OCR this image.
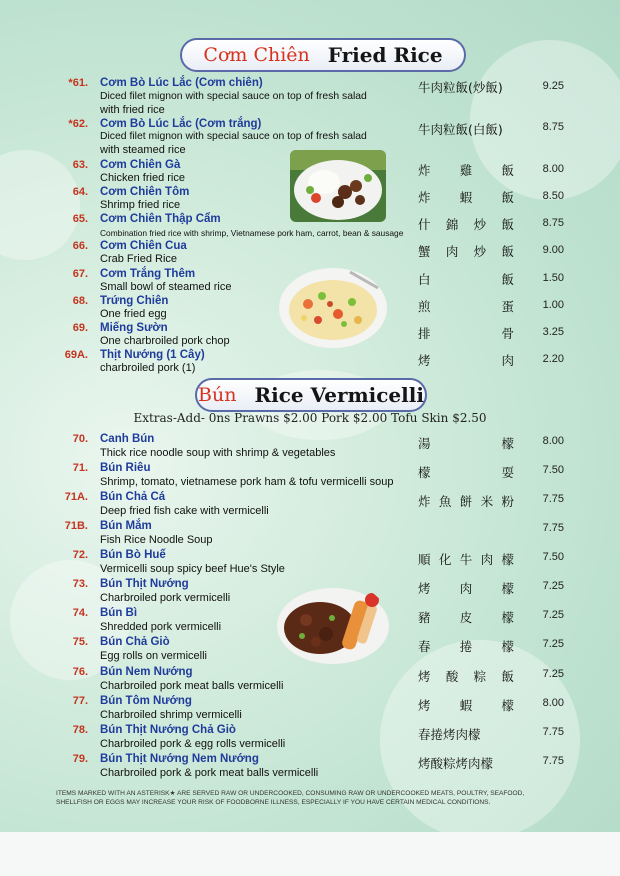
Cơm Chiên Fried Rice
*61. Cơm Bò Lúc Lắc (Cơm chiên)
Diced filet mignon with special sauce on top of fresh salad
with fried rice
牛肉粒飯(炒飯)	9.25
*62. Cơm Bò Lúc Lắc (Cơm trắng)
Diced filet mignon with special sauce on top of fresh salad
with steamed rice
牛肉粒飯(白飯)	8.75
63. Cơm Chiên Gà
Chicken fried rice	炸 雞 飯	8.00
64. Cơm Chiên Tôm
Shrimp fried rice	炸 蝦 飯	8.50
65. Cơm Chiên Thập Cẩm
Combination fried rice with shrimp, Vietnamese pork ham, carrot, bean & sausage
什 錦 炒 飯	8.75
66. Cơm Chiên Cua
Crab Fried Rice	蟹 肉 炒 飯	9.00
67. Cơm Trắng Thêm
Small bowl of steamed rice	白	飯	1.50
68. Trứng Chiên
One fried egg	煎	蛋	1.00
69. Miếng Sườn
One charbroiled pork chop	排	骨	3.25
69A. Thịt Nướng (1 Cây)
charbroiled pork (1)	烤	肉	2.20
Bún Rice Vermicelli
Extras-Add- 0ns Prawns $2.00 Pork $2.00 Tofu Skin $2.50
70. Canh Bún
Thick rice noodle soup with shrimp & vegetables
湯	檬	8.00
71. Bún Riêu
Shrimp, tomato, vietnamese pork ham & tofu vermicelli soup
檬	耍	7.50
71A. Bún Chả Cá
Deep fried fish cake with vermicelli
炸 魚 餅 米 粉	7.75
71B. Bún Mắm
Fish Rice Noodle Soup
7.75
72. Bún Bò Huế
Vermicelli soup spicy beef Hue's Style
順 化 牛 肉 檬	7.50
73. Bún Thịt Nướng
Charbroiled pork vermicelli
烤 肉 檬	7.25
74. Bún Bì
Shredded pork vermicelli
豬 皮 檬	7.25
75. Bún Chả Giò
Egg rolls on vermicelli
春 捲 檬	7.25
76. Bún Nem Nướng
Charbroiled pork meat balls vermicelli
烤 酸 粽 飯	7.25
77. Bún Tôm Nướng
Charbroiled shrimp vermicelli
烤 蝦 檬	8.00
78. Bún Thịt Nướng Chả Giò
Charbroiled pork & egg rolls vermicelli
春捲烤肉檬	7.75
79. Bún Thịt Nướng Nem Nướng
Charbroiled pork & pork meat balls vermicelli
烤酸粽烤肉檬	7.75
ITEMS MARKED WITH AN ASTERISK★ ARE SERVED RAW OR UNDERCOOKED, CONSUMING RAW OR UNDERCOOKED MEATS, POULTRY, SEAFOOD,
SHELLFISH OR EGGS MAY INCREASE YOUR RISK OF FOODBORNE ILLNESS, ESPECIALLY IF YOU HAVE CERTAIN MEDICAL CONDITIONS.
